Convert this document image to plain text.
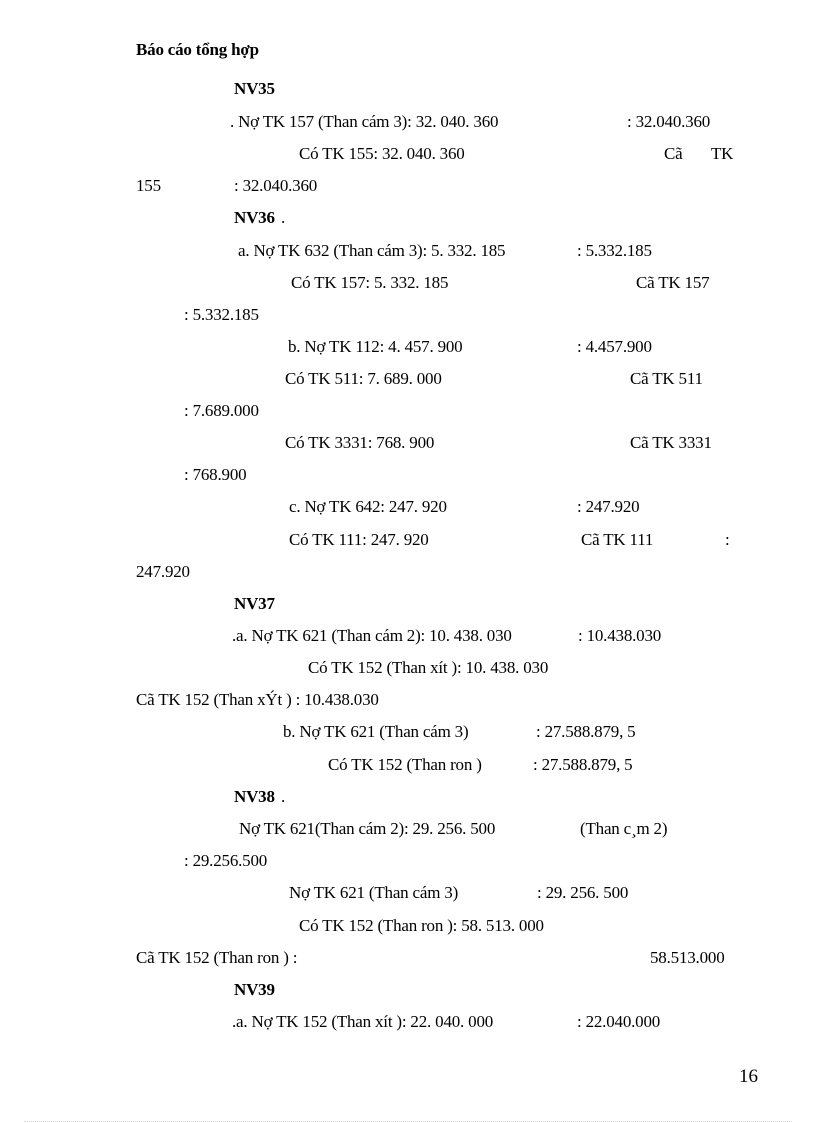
Báo cáo tổng hợp
NV35
. Nợ TK 157 (Than cám 3): 32. 040. 360	: 32.040.360
Có TK 155: 32. 040. 360	Cã TK
155	: 32.040.360
NV36 .
a. Nợ TK 632 (Than cám 3): 5. 332. 185	: 5.332.185
Có TK 157: 5. 332. 185	Cã TK 157
: 5.332.185
b. Nợ TK 112: 4. 457. 900	: 4.457.900
Có TK 511: 7. 689. 000	Cã TK 511
: 7.689.000
Có TK 3331: 768. 900	Cã TK 3331
: 768.900
c. Nợ TK 642: 247. 920	: 247.920
Có TK 111: 247. 920	Cã TK 111	:
247.920
NV37
.a. Nợ TK 621 (Than cám 2): 10. 438. 030	: 10.438.030
Có TK 152 (Than xít ): 10. 438. 030
Cã TK 152 (Than xÝt ) : 10.438.030
b. Nợ TK 621 (Than cám 3)	: 27.588.879, 5
Có TK 152 (Than ron )	: 27.588.879, 5
NV38 .
Nợ TK 621(Than cám 2): 29. 256. 500	(Than c¸m 2)
: 29.256.500
Nợ TK 621 (Than cám 3)	: 29. 256. 500
Có TK 152 (Than ron ): 58. 513. 000
Cã TK 152 (Than ron ) :	58.513.000
NV39
.a. Nợ TK 152 (Than xít ): 22. 040. 000	: 22.040.000
16
